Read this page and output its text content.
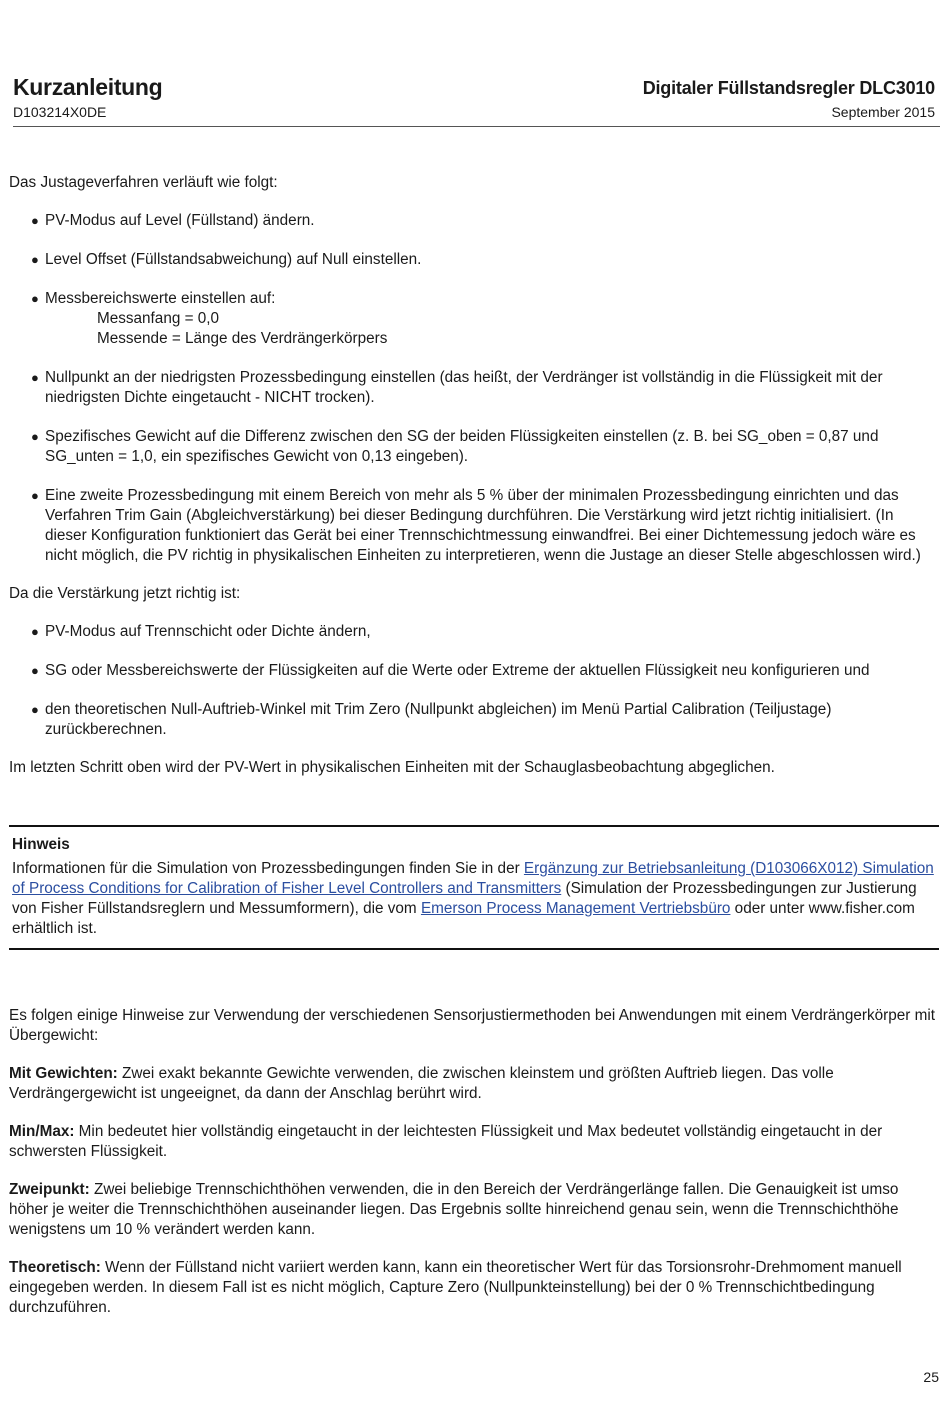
Kurzanleitung
D103214X0DE
Digitaler Füllstandsregler DLC3010
September 2015

Das Justageverfahren verläuft wie folgt:

● PV-Modus auf Level (Füllstand) ändern.
● Level Offset (Füllstandsabweichung) auf Null einstellen.
● Messbereichswerte einstellen auf:
Messanfang = 0,0
Messende = Länge des Verdrängerkörpers
● Nullpunkt an der niedrigsten Prozessbedingung einstellen (das heißt, der Verdränger ist vollständig in die Flüssigkeit mit der niedrigsten Dichte eingetaucht - NICHT trocken).
● Spezifisches Gewicht auf die Differenz zwischen den SG der beiden Flüssigkeiten einstellen (z. B. bei SG_oben = 0,87 und SG_unten = 1,0, ein spezifisches Gewicht von 0,13 eingeben).
● Eine zweite Prozessbedingung mit einem Bereich von mehr als 5 % über der minimalen Prozessbedingung einrichten und das Verfahren Trim Gain (Abgleichverstärkung) bei dieser Bedingung durchführen. Die Verstärkung wird jetzt richtig initialisiert. (In dieser Konfiguration funktioniert das Gerät bei einer Trennschichtmessung einwandfrei. Bei einer Dichtemessung jedoch wäre es nicht möglich, die PV richtig in physikalischen Einheiten zu interpretieren, wenn die Justage an dieser Stelle abgeschlossen wird.)

Da die Verstärkung jetzt richtig ist:

● PV-Modus auf Trennschicht oder Dichte ändern,
● SG oder Messbereichswerte der Flüssigkeiten auf die Werte oder Extreme der aktuellen Flüssigkeit neu konfigurieren und
● den theoretischen Null-Auftrieb-Winkel mit Trim Zero (Nullpunkt abgleichen) im Menü Partial Calibration (Teiljustage) zurückberechnen.

Im letzten Schritt oben wird der PV-Wert in physikalischen Einheiten mit der Schauglasbeobachtung abgeglichen.

Hinweis

Informationen für die Simulation von Prozessbedingungen finden Sie in der Ergänzung zur Betriebsanleitung (D103066X012) Simulation of Process Conditions for Calibration of Fisher Level Controllers and Transmitters (Simulation der Prozessbedingungen zur Justierung von Fisher Füllstandsreglern und Messumformern), die vom Emerson Process Management Vertriebsbüro oder unter www.fisher.com erhältlich ist.

Es folgen einige Hinweise zur Verwendung der verschiedenen Sensorjustiermethoden bei Anwendungen mit einem Verdrängerkörper mit Übergewicht:

Mit Gewichten: Zwei exakt bekannte Gewichte verwenden, die zwischen kleinstem und größten Auftrieb liegen. Das volle Verdrängergewicht ist ungeeignet, da dann der Anschlag berührt wird.

Min/Max: Min bedeutet hier vollständig eingetaucht in der leichtesten Flüssigkeit und Max bedeutet vollständig eingetaucht in der schwersten Flüssigkeit.

Zweipunkt: Zwei beliebige Trennschichthöhen verwenden, die in den Bereich der Verdrängerlänge fallen. Die Genauigkeit ist umso höher je weiter die Trennschichthöhen auseinander liegen. Das Ergebnis sollte hinreichend genau sein, wenn die Trennschichthöhe wenigstens um 10 % verändert werden kann.

Theoretisch: Wenn der Füllstand nicht variiert werden kann, kann ein theoretischer Wert für das Torsionsrohr-Drehmoment manuell eingegeben werden. In diesem Fall ist es nicht möglich, Capture Zero (Nullpunkteinstellung) bei der 0 % Trennschichtbedingung durchzuführen.

25
